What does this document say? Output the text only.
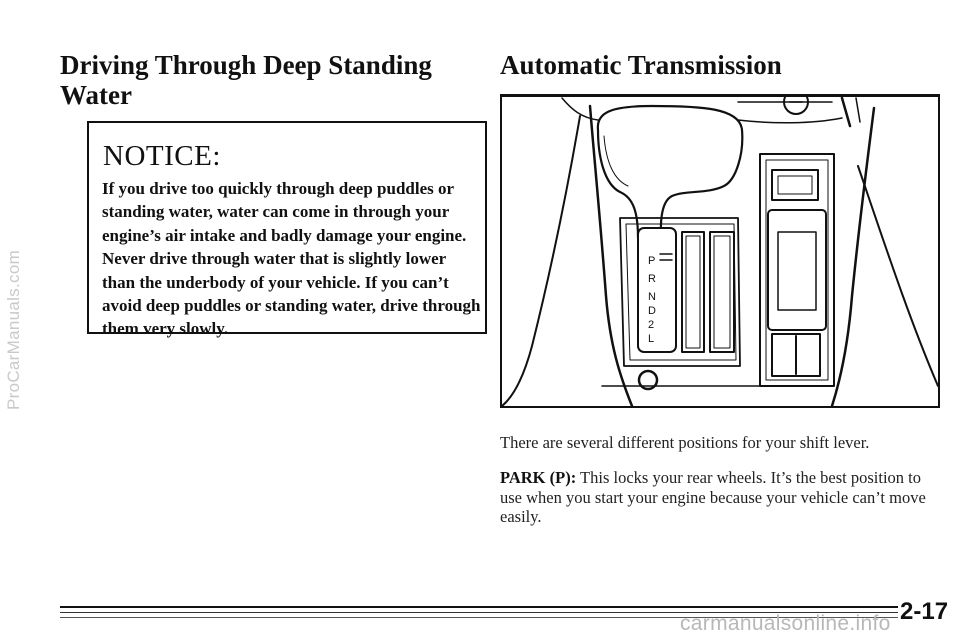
ProCarManuals.com
Driving Through Deep Standing Water
NOTICE:

If you drive too quickly through deep puddles or standing water, water can come in through your engine’s air intake and badly damage your engine. Never drive through water that is slightly lower than the underbody of your vehicle. If you can’t avoid deep puddles or standing water, drive through them very slowly.

Automatic Transmission
P
R
N
D
2
L

There are several different positions for your shift lever.

PARK (P): This locks your rear wheels. It’s the best position to use when you start your engine because your vehicle can’t move easily.

2-17
carmanualsonline.info
